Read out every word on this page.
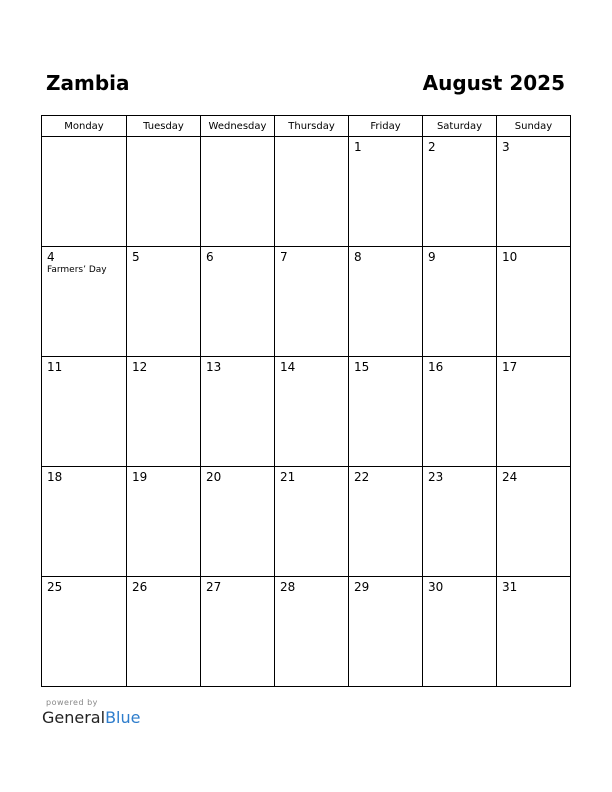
Zambia	August 2025
Monday	Tuesday	Wednesday	Thursday	Friday	Saturday	Sunday

				1	2	3

4
Farmers’ Day	5	6	7	8	9	10

11	12	13	14	15	16	17

18	19	20	21	22	23	24

25	26	27	28	29	30	31
powered by
GeneralBlue
